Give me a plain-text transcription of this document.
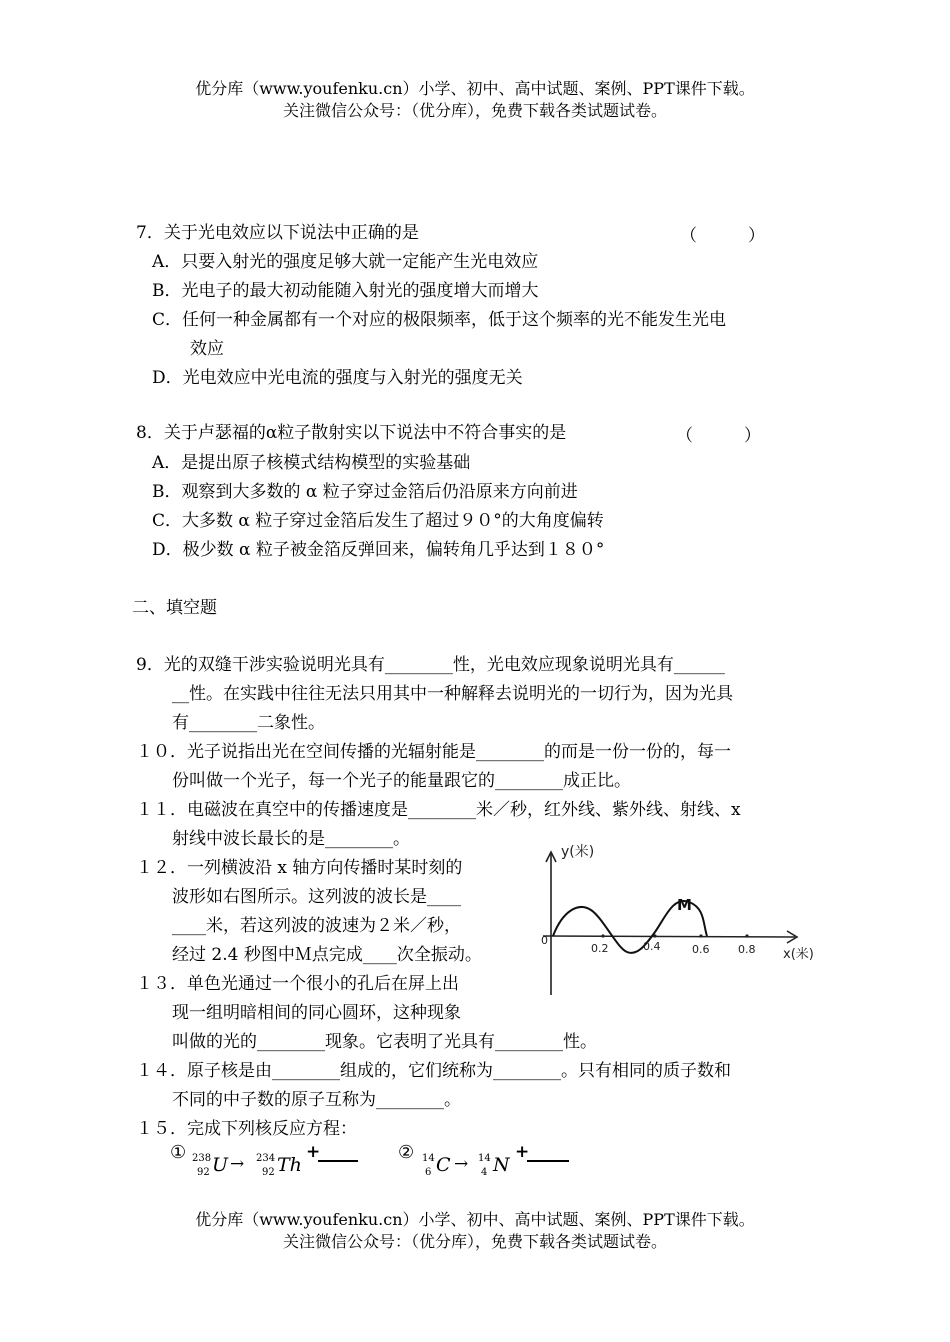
优分库（www.youfenku.cn）小学、初中、高中试题、案例、PPT课件下载。
关注微信公众号：（优分库），免费下载各类试题试卷。
7．关于光电效应以下说法中正确的是	（　　　）
A．只要入射光的强度足够大就一定能产生光电效应
B．光电子的最大初动能随入射光的强度增大而增大
C．任何一种金属都有一个对应的极限频率，低于这个频率的光不能发生光电
效应
D．光电效应中光电流的强度与入射光的强度无关
8．关于卢瑟福的α粒子散射实以下说法中不符合事实的是	（　　　）
A．是提出原子核模式结构模型的实验基础
B．观察到大多数的 α 粒子穿过金箔后仍沿原来方向前进
C．大多数 α 粒子穿过金箔后发生了超过９０°的大角度偏转
D．极少数 α 粒子被金箔反弹回来，偏转角几乎达到１８０°
二、填空题
9．光的双缝干涉实验说明光具有________性，光电效应现象说明光具有______
__性。在实践中往往无法只用其中一种解释去说明光的一切行为，因为光具
有________二象性。
１０．光子说指出光在空间传播的光辐射能是________的而是一份一份的，每一
份叫做一个光子，每一个光子的能量跟它的________成正比。
１１．电磁波在真空中的传播速度是________米／秒，红外线、紫外线、射线、x
射线中波长最长的是________。
１２．一列横波沿 x 轴方向传播时某时刻的
波形如右图所示。这列波的波长是____
____米，若这列波的波速为２米／秒，
经过 2.4 秒图中Ｍ点完成____次全振动。
１３．单色光通过一个很小的孔后在屏上出
现一组明暗相间的同心圆环，这种现象
叫做的光的________现象。它表明了光具有________性。
１４．原子核是由________组成的，它们统称为________。只有相同的质子数和
不同的中子数的原子互称为________。
１５．完成下列核反应方程：
① 238
92 U → 234
92 Th
+	② 14
6 C → 14
4 N
+
y(米)
x(米)
0
0.2	0.4	0.6	0.8
M
优分库（www.youfenku.cn）小学、初中、高中试题、案例、PPT课件下载。
关注微信公众号：（优分库），免费下载各类试题试卷。
